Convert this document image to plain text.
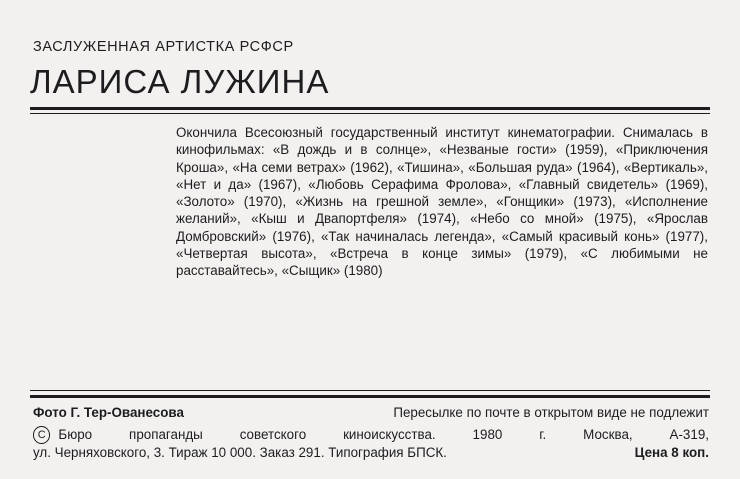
ЗАСЛУЖЕННАЯ АРТИСТКА РСФСР
ЛАРИСА ЛУЖИНА

Окончила Всесоюзный государственный институт кинематографии. Снималась в кинофильмах: «В дождь и в солнце», «Незваные гости» (1959), «Приключения Кроша», «На семи ветрах» (1962), «Тишина», «Большая руда» (1964), «Вертикаль», «Нет и да» (1967), «Любовь Серафима Фролова», «Главный свидетель» (1969), «Золото» (1970), «Жизнь на грешной земле», «Гонщики» (1973), «Исполнение желаний», «Кыш и Двапортфеля» (1974), «Небо со мной» (1975), «Ярослав Домбровский» (1976), «Так начиналась легенда», «Самый красивый конь» (1977), «Четвертая высота», «Встреча в конце зимы» (1979), «С любимыми не расставайтесь», «Сыщик» (1980)

Фото Г. Тер-Ованесова	Пересылке по почте в открытом виде не подлежит
C Бюро пропаганды советского киноискусства. 1980 г. Москва, А-319,
ул. Черняховского, 3. Тираж 10 000. Заказ 291. Типография БПСК.	Цена 8 коп.
